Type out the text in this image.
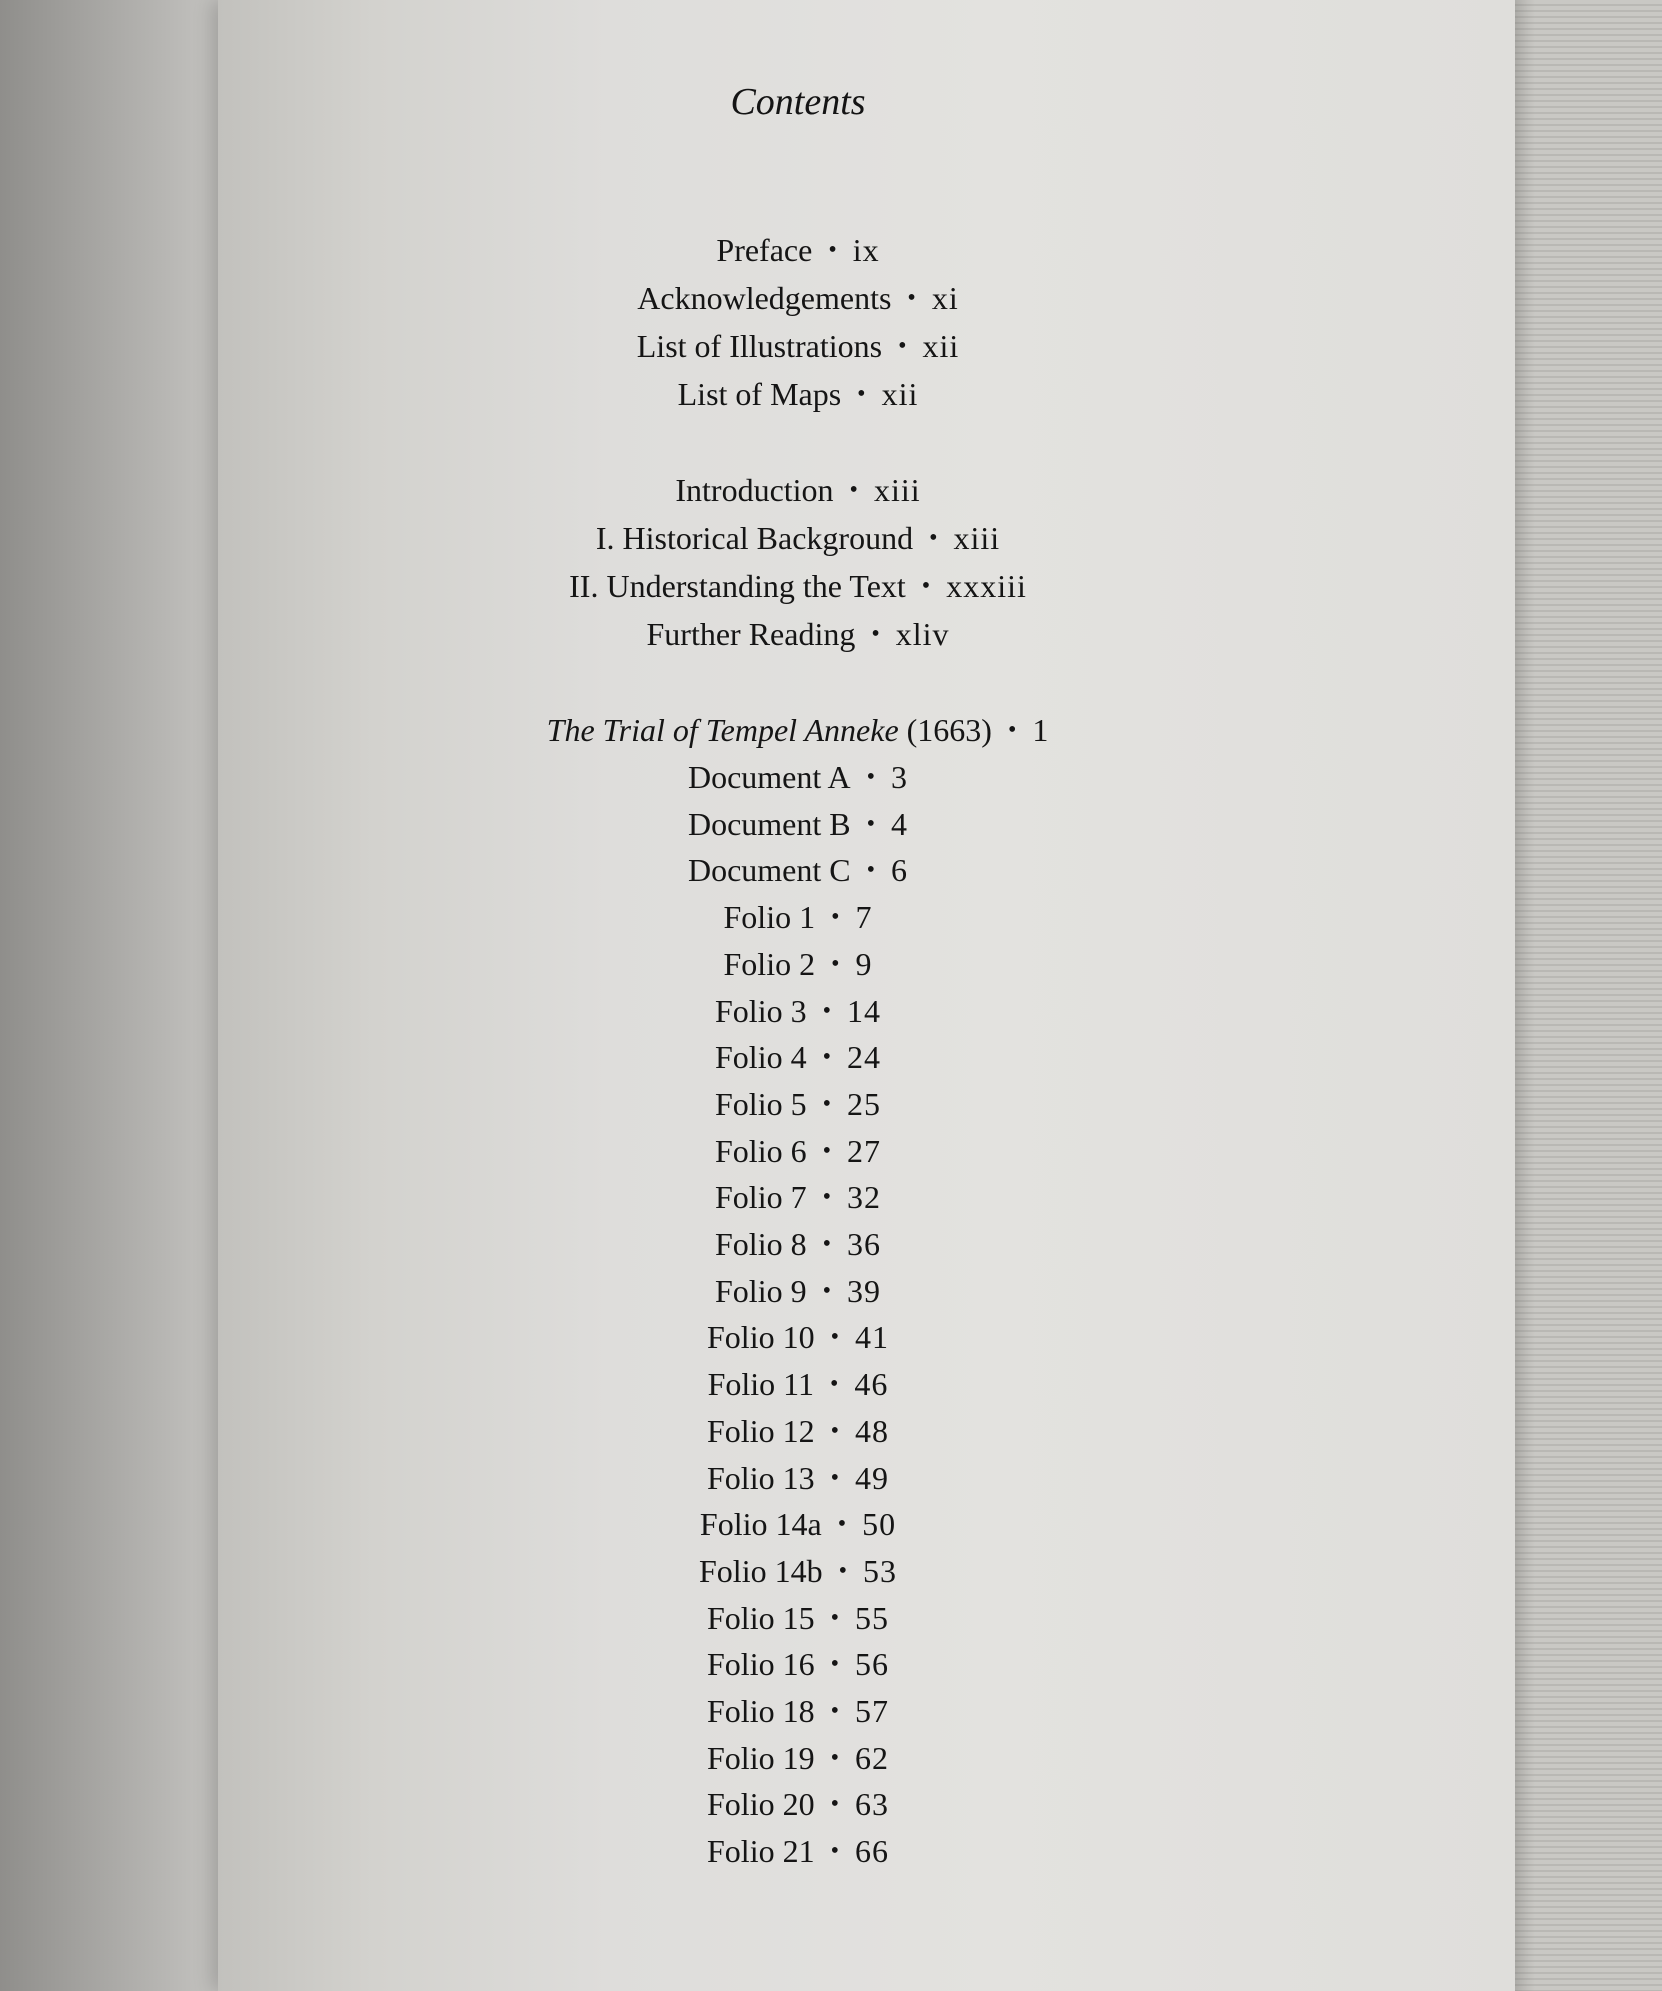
Contents
Preface • ix
Acknowledgements • xi
List of Illustrations • xii
List of Maps • xii
Introduction • xiii
I. Historical Background • xiii
II. Understanding the Text • xxxiii
Further Reading • xliv
The Trial of Tempel Anneke (1663) • 1
Document A • 3
Document B • 4
Document C • 6
Folio 1 • 7
Folio 2 • 9
Folio 3 • 14
Folio 4 • 24
Folio 5 • 25
Folio 6 • 27
Folio 7 • 32
Folio 8 • 36
Folio 9 • 39
Folio 10 • 41
Folio 11 • 46
Folio 12 • 48
Folio 13 • 49
Folio 14a • 50
Folio 14b • 53
Folio 15 • 55
Folio 16 • 56
Folio 18 • 57
Folio 19 • 62
Folio 20 • 63
Folio 21 • 66
